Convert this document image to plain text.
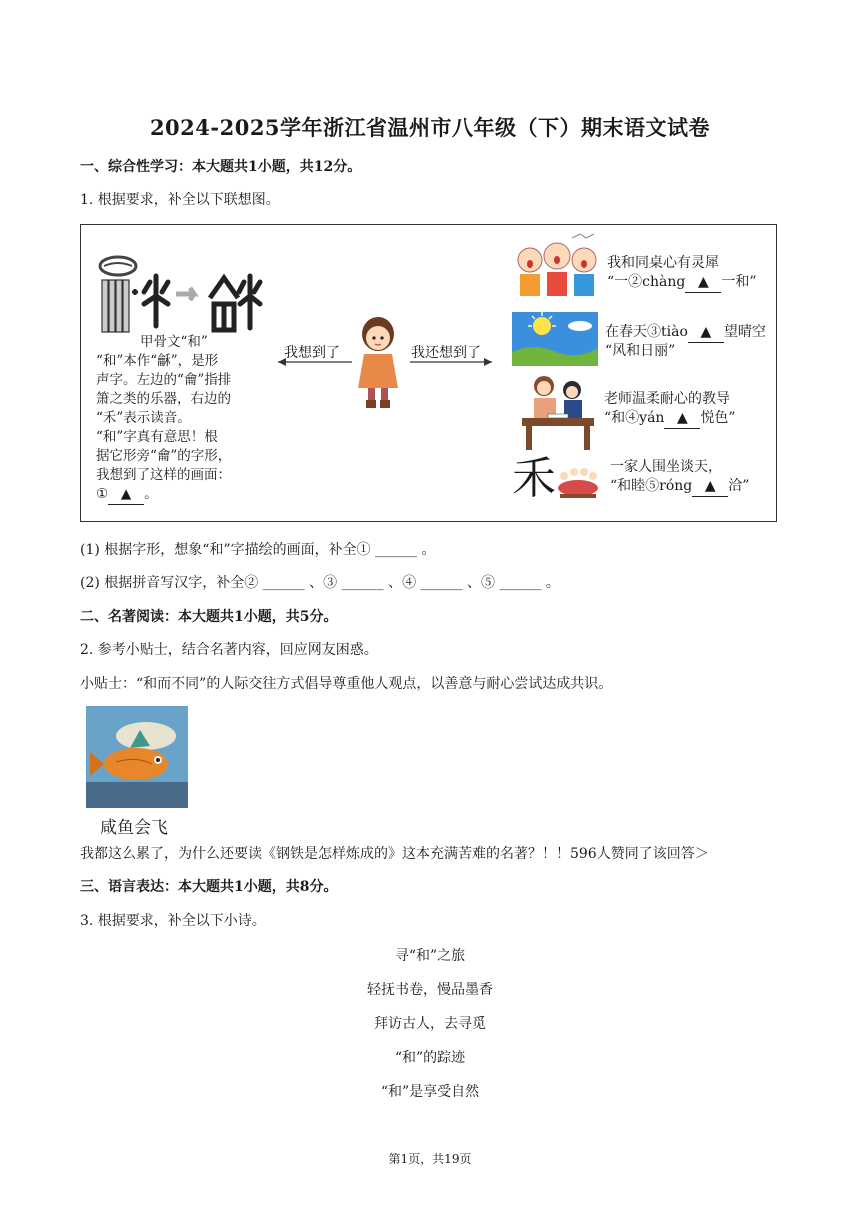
2024-2025学年浙江省温州市八年级（下）期末语文试卷
一、综合性学习：本大题共1小题，共12分。
1. 根据要求，补全以下联想图。
甲骨文“和”
“和”本作“龢”，是形
声字。左边的“龠”指排
箫之类的乐器，右边的
“禾”表示读音。
“和”字真有意思！根
据它形旁“龠”的字形，
我想到了这样的画面：
① ▲ 。
我想到了	我还想到了
禾
我和同桌心有灵犀
“一②chàng ▲ 一和”
在春天③tiào ▲ 望晴空
“风和日丽”
老师温柔耐心的教导
“和④yán ▲ 悦色”
一家人围坐谈天，
“和睦⑤róng ▲ 洽”
(1) 根据字形，想象“和”字描绘的画面，补全① ______ 。
(2) 根据拼音写汉字，补全② ______ 、③ ______ 、④ ______ 、⑤ ______ 。
二、名著阅读：本大题共1小题，共5分。
2. 参考小贴士，结合名著内容，回应网友困惑。
小贴士：“和而不同”的人际交往方式倡导尊重他人观点，以善意与耐心尝试达成共识。
咸鱼会飞
我都这么累了，为什么还要读《钢铁是怎样炼成的》这本充满苦难的名著？！！596人赞同了该回答＞
三、语言表达：本大题共1小题，共8分。
3. 根据要求，补全以下小诗。
寻“和”之旅
轻抚书卷，慢品墨香
拜访古人，去寻觅
“和”的踪迹
“和”是享受自然
第1页，共19页
